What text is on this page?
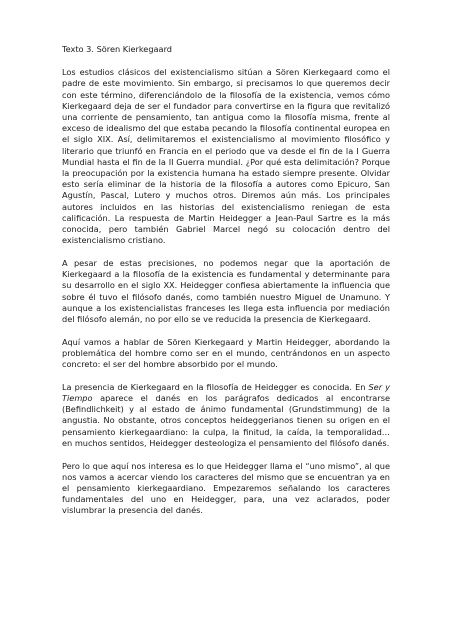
Texto 3. Sören Kierkegaard

Los estudios clásicos del existencialismo sitúan a Sören Kierkegaard como el padre de este movimiento. Sin embargo, si precisamos lo que queremos decir con este término, diferenciándolo de la filosofía de la existencia, vemos cómo Kierkegaard deja de ser el fundador para convertirse en la figura que revitalizó una corriente de pensamiento, tan antigua como la filosofía misma, frente al exceso de idealismo del que estaba pecando la filosofía continental europea en el siglo XIX. Así, delimitaremos el existencialismo al movimiento filosófico y literario que triunfó en Francia en el periodo que va desde el fin de la I Guerra Mundial hasta el fin de la II Guerra mundial. ¿Por qué esta delimitación? Porque la preocupación por la existencia humana ha estado siempre presente. Olvidar esto sería eliminar de la historia de la filosofía a autores como Epicuro, San Agustín, Pascal, Lutero y muchos otros. Diremos aún más. Los principales autores incluidos en las historias del existencialismo reniegan de esta calificación. La respuesta de Martin Heidegger a Jean-Paul Sartre es la más conocida, pero también Gabriel Marcel negó su colocación dentro del existencialismo cristiano.

A pesar de estas precisiones, no podemos negar que la aportación de Kierkegaard a la filosofía de la existencia es fundamental y determinante para su desarrollo en el siglo XX. Heidegger confiesa abiertamente la influencia que sobre él tuvo el filósofo danés, como también nuestro Miguel de Unamuno. Y aunque a los existencialistas franceses les llega esta influencia por mediación del filósofo alemán, no por ello se ve reducida la presencia de Kierkegaard.

Aquí vamos a hablar de Sören Kierkegaard y Martin Heidegger, abordando la problemática del hombre como ser en el mundo, centrándonos en un aspecto concreto: el ser del hombre absorbido por el mundo.

La presencia de Kierkegaard en la filosofía de Heidegger es conocida. En Ser y Tiempo aparece el danés en los parágrafos dedicados al encontrarse (Befindlichkeit) y al estado de ánimo fundamental (Grundstimmung) de la angustia. No obstante, otros conceptos heideggerianos tienen su origen en el pensamiento kierkegaardiano: la culpa, la finitud, la caída, la temporalidad… en muchos sentidos, Heidegger desteologiza el pensamiento del filósofo danés.

Pero lo que aquí nos interesa es lo que Heidegger llama el “uno mismo”, al que nos vamos a acercar viendo los caracteres del mismo que se encuentran ya en el pensamiento kierkegaardiano. Empezaremos señalando los caracteres fundamentales del uno en Heidegger, para, una vez aclarados, poder vislumbrar la presencia del danés.
